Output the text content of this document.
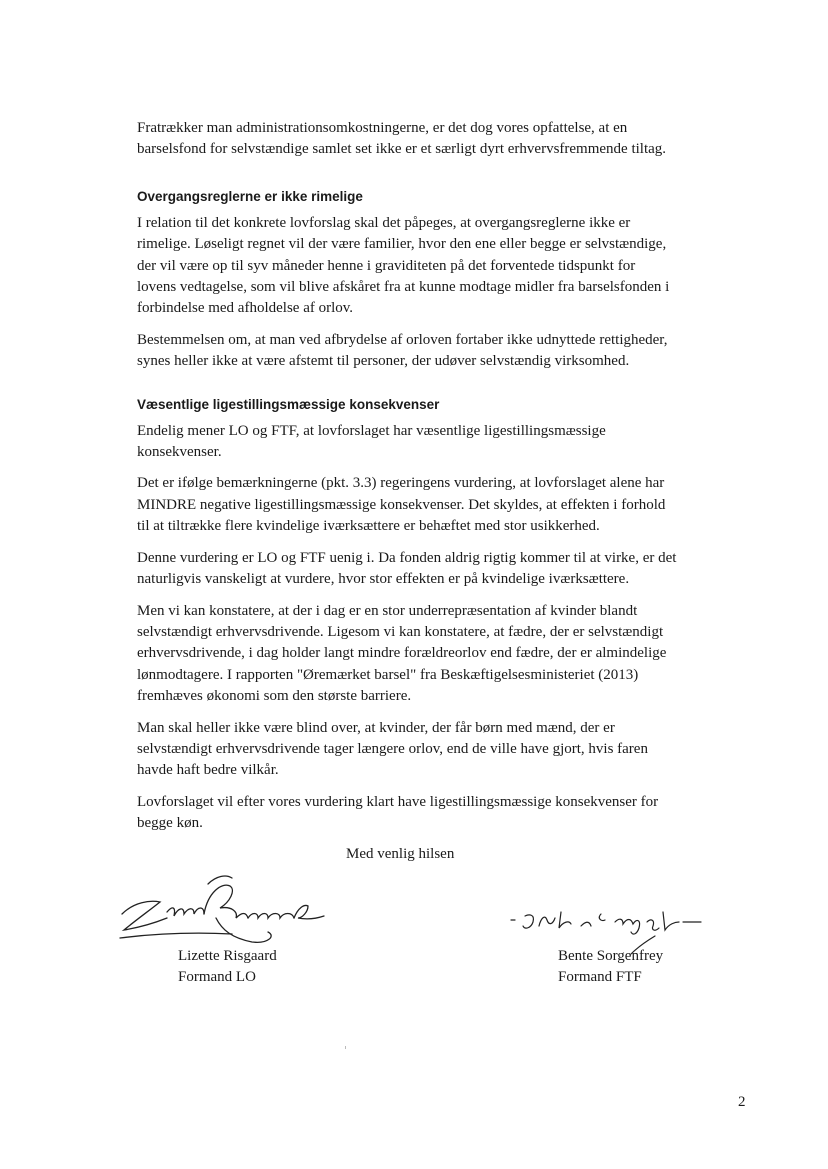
Fratrækker man administrationsomkostningerne, er det dog vores opfattelse, at en barselsfond for selvstændige samlet set ikke er et særligt dyrt erhvervsfremmende tiltag.

Overgangsreglerne er ikke rimelige

I relation til det konkrete lovforslag skal det påpeges, at overgangsreglerne ikke er rimelige. Løseligt regnet vil der være familier, hvor den ene eller begge er selvstændige, der vil være op til syv måneder henne i graviditeten på det forventede tidspunkt for lovens vedtagelse, som vil blive afskåret fra at kunne modtage midler fra barselsfonden i forbindelse med afholdelse af orlov.

Bestemmelsen om, at man ved afbrydelse af orloven fortaber ikke udnyttede rettigheder, synes heller ikke at være afstemt til personer, der udøver selvstændig virksomhed.

Væsentlige ligestillingsmæssige konsekvenser

Endelig mener LO og FTF, at lovforslaget har væsentlige ligestillingsmæssige konsekvenser.

Det er ifølge bemærkningerne (pkt. 3.3) regeringens vurdering, at lovforslaget alene har MINDRE negative ligestillingsmæssige konsekvenser. Det skyldes, at effekten i forhold til at tiltrække flere kvindelige iværksættere er behæftet med stor usikkerhed.

Denne vurdering er LO og FTF uenig i. Da fonden aldrig rigtig kommer til at virke, er det naturligvis vanskeligt at vurdere, hvor stor effekten er på kvindelige iværksættere.

Men vi kan konstatere, at der i dag er en stor underrepræsentation af kvinder blandt selvstændigt erhvervsdrivende. Ligesom vi kan konstatere, at fædre, der er selvstændigt erhvervsdrivende, i dag holder langt mindre forældreorlov end fædre, der er almindelige lønmodtagere. I rapporten "Øremærket barsel" fra Beskæftigelsesministeriet (2013) fremhæves økonomi som den største barriere.

Man skal heller ikke være blind over, at kvinder, der får børn med mænd, der er selvstændigt erhvervsdrivende tager længere orlov, end de ville have gjort, hvis faren havde haft bedre vilkår.

Lovforslaget vil efter vores vurdering klart have ligestillingsmæssige konsekvenser for begge køn.

Med venlig hilsen
Lizette Risgaard
Formand LO
Bente Sorgenfrey
Formand FTF
2
